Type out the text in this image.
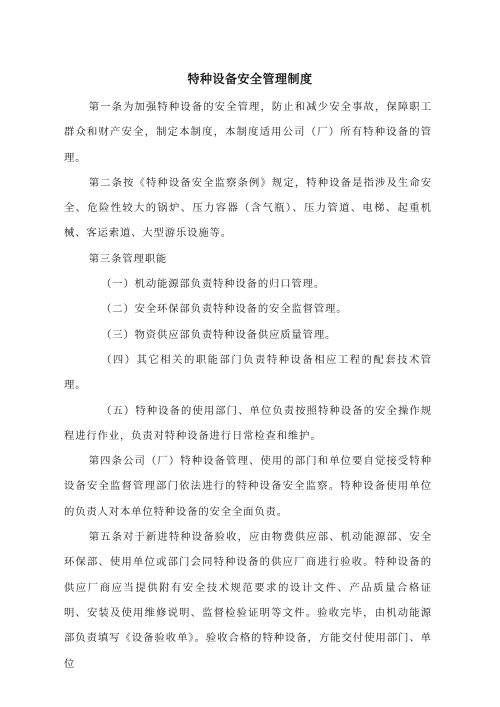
特种设备安全管理制度

第一条为加强特种设备的安全管理，防止和减少安全事故，保障职工群众和财产安全，制定本制度，本制度适用公司（厂）所有特种设备的管理。

第二条按《特种设备安全监察条例》规定，特种设备是指涉及生命安全、危险性较大的锅炉、压力容器（含气瓶）、压力管道、电梯、起重机械、客运索道、大型游乐设施等。

第三条管理职能

（一）机动能源部负责特种设备的归口管理。

（二）安全环保部负责特种设备的安全监督管理。

（三）物资供应部负责特种设备供应质量管理。

（四）其它相关的职能部门负责特种设备相应工程的配套技术管理。

（五）特种设备的使用部门、单位负责按照特种设备的安全操作规程进行作业，负责对特种设备进行日常检查和维护。

第四条公司（厂）特种设备管理、使用的部门和单位要自觉接受特种设备安全监督管理部门依法进行的特种设备安全监察。特种设备使用单位的负责人对本单位特种设备的安全全面负责。

第五条对于新进特种设备验收，应由物费供应部、机动能源部、安全环保部、使用单位或部门会同特种设备的供应厂商进行验收。特种设备的供应厂商应当提供附有安全技术规范要求的设计文件、产品质量合格证明、安装及使用维修说明、监督检验证明等文件。验收完毕，由机动能源部负责填写《设备验收单》。验收合格的特种设备，方能交付使用部门、单位
